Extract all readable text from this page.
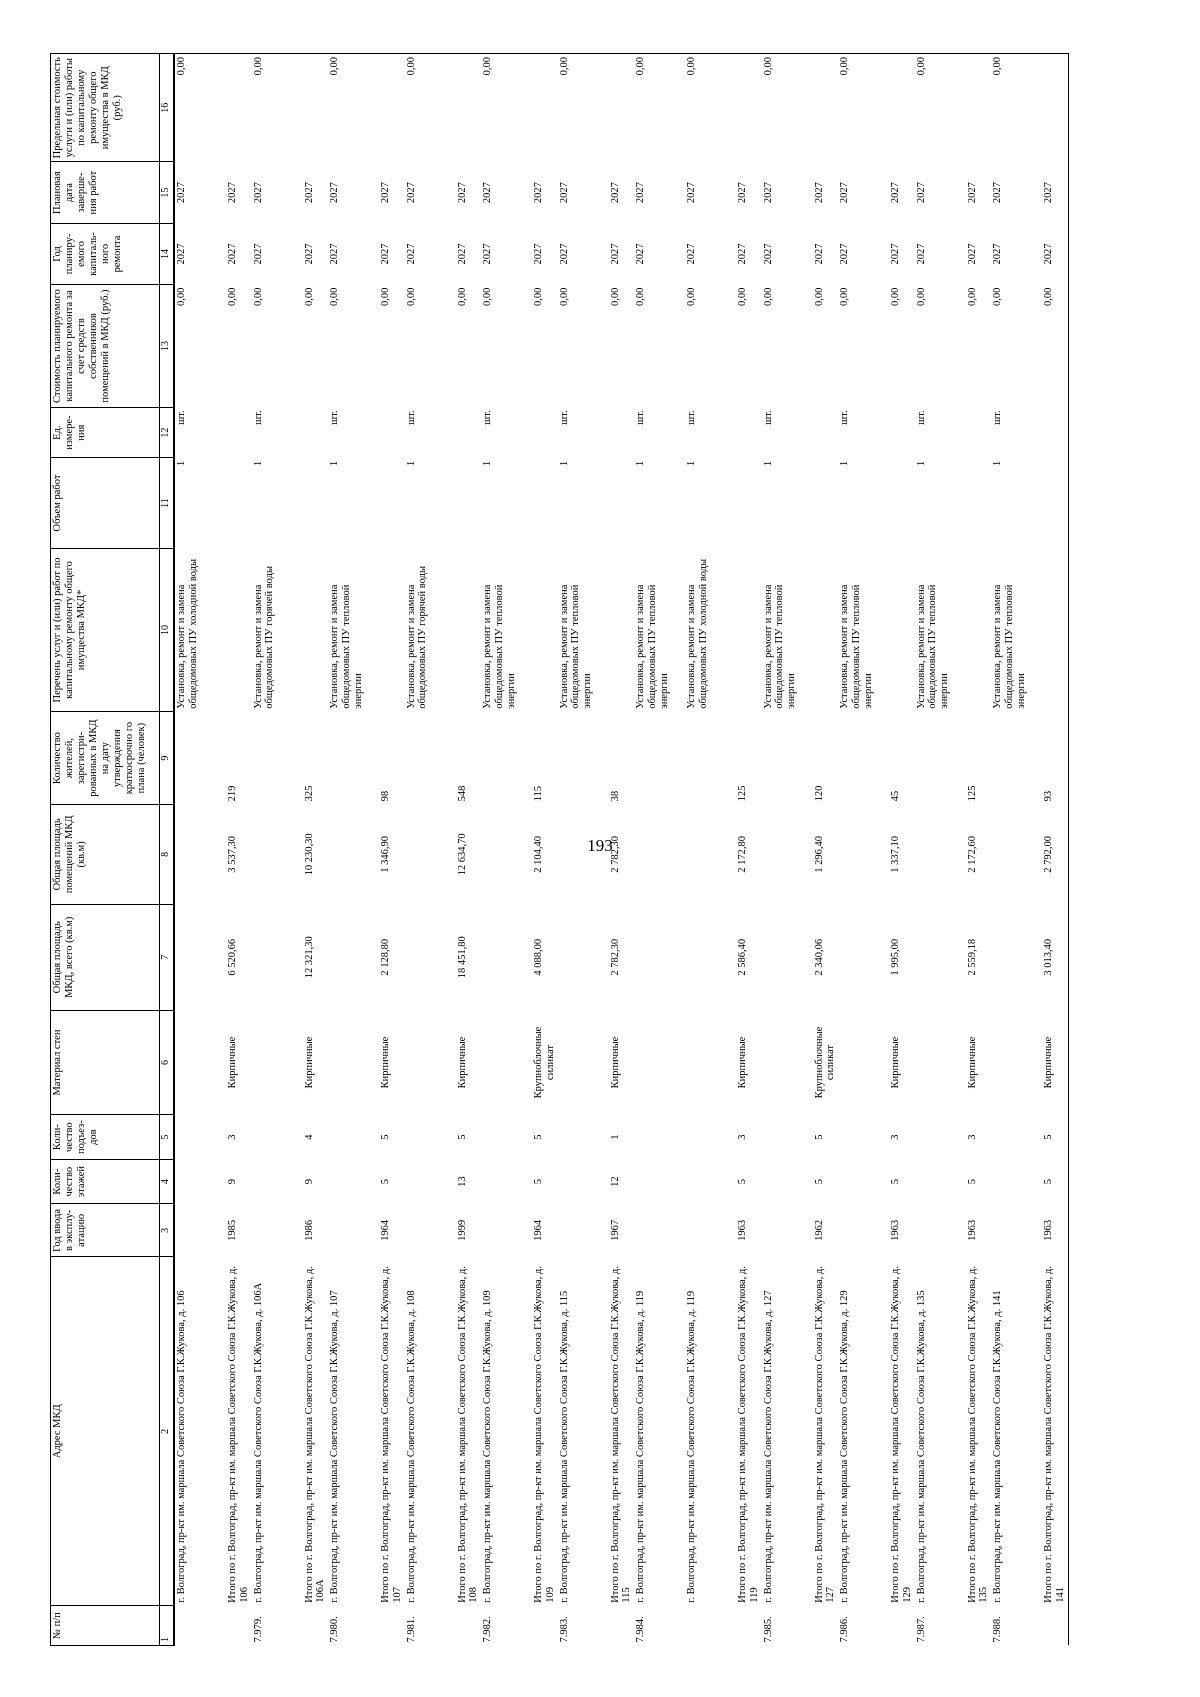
193
№ п/п	Адрес МКД	Год ввода в эксплу-атацию	Коли-чество этажей	Коли-чество подъез-дов	Материал стен	Общая площадь МКД, всего (кв.м)	Общая площадь помещений МКД (кв.м)	Количество жителей, зарегистри-рованных в МКД на дату утверждения краткосрочно го плана (человек)	Перечень услуг и (или) работ по капитальному ремонту общего имущества МКД*	Объем работ	Ед. измере-ния	Стоимость планируемого капитального ремонта за счет средств собственников помещений в МКД (руб.)	Год планиру-емого капиталь-ного ремонта	Плановая дата заверше-ния работ	Предельная стоимость услуги и (или) работы по капитальному ремонту общего имущества в МКД (руб.)
1	2	3	4	5	6	7	8	9	10	11	12	13	14	15	16
	г. Волгоград, пр-кт им. маршала Советского Союза Г.К.Жукова, д. 106								Установка, ремонт и замена общедомовых ПУ холодной воды	1	шт.	0,00	2027	2027	0,00
	Итого по г. Волгоград, пр-кт им. маршала Советского Союза Г.К.Жукова, д. 106	1985	9	3	Кирпичные	6 520,66	3 537,30	219				0,00	2027	2027	
7.979.	г. Волгоград, пр-кт им. маршала Советского Союза Г.К.Жукова, д. 106А								Установка, ремонт и замена общедомовых ПУ горячей воды	1	шт.	0,00	2027	2027	0,00
	Итого по г. Волгоград, пр-кт им. маршала Советского Союза Г.К.Жукова, д. 106А	1986	9	4	Кирпичные	12 321,30	10 230,30	325				0,00	2027	2027	
7.980.	г. Волгоград, пр-кт им. маршала Советского Союза Г.К.Жукова, д. 107								Установка, ремонт и замена общедомовых ПУ тепловой энергии	1	шт.	0,00	2027	2027	0,00
	Итого по г. Волгоград, пр-кт им. маршала Советского Союза Г.К.Жукова, д. 107	1964	5	5	Кирпичные	2 128,80	1 346,90	98				0,00	2027	2027	
7.981.	г. Волгоград, пр-кт им. маршала Советского Союза Г.К.Жукова, д. 108								Установка, ремонт и замена общедомовых ПУ горячей воды	1	шт.	0,00	2027	2027	0,00
	Итого по г. Волгоград, пр-кт им. маршала Советского Союза Г.К.Жукова, д. 108	1999	13	5	Кирпичные	18 451,80	12 634,70	548				0,00	2027	2027	
7.982.	г. Волгоград, пр-кт им. маршала Советского Союза Г.К.Жукова, д. 109								Установка, ремонт и замена общедомовых ПУ тепловой энергии	1	шт.	0,00	2027	2027	0,00
	Итого по г. Волгоград, пр-кт им. маршала Советского Союза Г.К.Жукова, д. 109	1964	5	5	Крупноблочные силикат	4 088,00	2 104,40	115				0,00	2027	2027	
7.983.	г. Волгоград, пр-кт им. маршала Советского Союза Г.К.Жукова, д. 115								Установка, ремонт и замена общедомовых ПУ тепловой энергии	1	шт.	0,00	2027	2027	0,00
	Итого по г. Волгоград, пр-кт им. маршала Советского Союза Г.К.Жукова, д. 115	1967	12	1	Кирпичные	2 782,30	2 782,30	38				0,00	2027	2027	
7.984.	г. Волгоград, пр-кт им. маршала Советского Союза Г.К.Жукова, д. 119								Установка, ремонт и замена общедомовых ПУ тепловой энергии	1	шт.	0,00	2027	2027	0,00
	г. Волгоград, пр-кт им. маршала Советского Союза Г.К.Жукова, д. 119								Установка, ремонт и замена общедомовых ПУ холодной воды	1	шт.	0,00	2027	2027	0,00
	Итого по г. Волгоград, пр-кт им. маршала Советского Союза Г.К.Жукова, д. 119	1963	5	3	Кирпичные	2 586,40	2 172,80	125				0,00	2027	2027	
7.985.	г. Волгоград, пр-кт им. маршала Советского Союза Г.К.Жукова, д. 127								Установка, ремонт и замена общедомовых ПУ тепловой энергии	1	шт.	0,00	2027	2027	0,00
	Итого по г. Волгоград, пр-кт им. маршала Советского Союза Г.К.Жукова, д. 127	1962	5	5	Крупноблочные силикат	2 340,06	1 296,40	120				0,00	2027	2027	
7.986.	г. Волгоград, пр-кт им. маршала Советского Союза Г.К.Жукова, д. 129								Установка, ремонт и замена общедомовых ПУ тепловой энергии	1	шт.	0,00	2027	2027	0,00
	Итого по г. Волгоград, пр-кт им. маршала Советского Союза Г.К.Жукова, д. 129	1963	5	3	Кирпичные	1 995,00	1 337,10	45				0,00	2027	2027	
7.987.	г. Волгоград, пр-кт им. маршала Советского Союза Г.К.Жукова, д. 135								Установка, ремонт и замена общедомовых ПУ тепловой энергии	1	шт.	0,00	2027	2027	0,00
	Итого по г. Волгоград, пр-кт им. маршала Советского Союза Г.К.Жукова, д. 135	1963	5	3	Кирпичные	2 559,18	2 172,60	125				0,00	2027	2027	
7.988.	г. Волгоград, пр-кт им. маршала Советского Союза Г.К.Жукова, д. 141								Установка, ремонт и замена общедомовых ПУ тепловой энергии	1	шт.	0,00	2027	2027	0,00
	Итого по г. Волгоград, пр-кт им. маршала Советского Союза Г.К.Жукова, д. 141	1963	5	5	Кирпичные	3 013,40	2 792,00	93				0,00	2027	2027	
